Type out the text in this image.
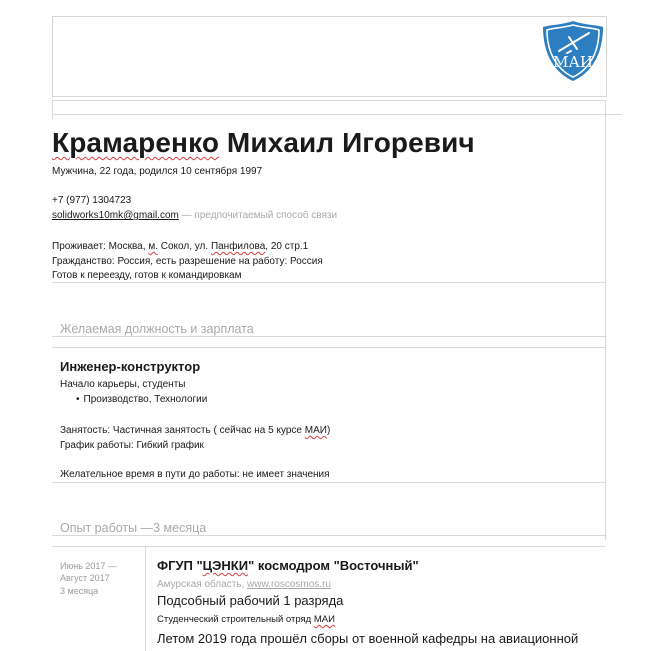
МАИ
Крамаренко Михаил Игоревич
Мужчина, 22 года, родился 10 сентября 1997
+7 (977) 1304723
solidworks10mk@gmail.com — предпочитаемый способ связи
Проживает: Москва, м. Сокол, ул. Панфилова, 20 стр.1
Гражданство: Россия, есть разрешение на работу: Россия
Готов к переезду, готов к командировкам
Желаемая должность и зарплата
Инженер-конструктор
Начало карьеры, студенты
• Производство, Технологии
Занятость: Частичная занятость ( сейчас на 5 курсе МАИ)
График работы: Гибкий график
Желательное время в пути до работы: не имеет значения
Опыт работы —3 месяца
Июнь 2017 —
Август 2017
3 месяца
ФГУП "ЦЭНКИ" космодром "Восточный"
Амурская область, www.roscosmos.ru
Подсобный рабочий 1 разряда
Студенческий строительный отряд МАИ
Летом 2019 года прошёл сборы от военной кафедры на авиационной
